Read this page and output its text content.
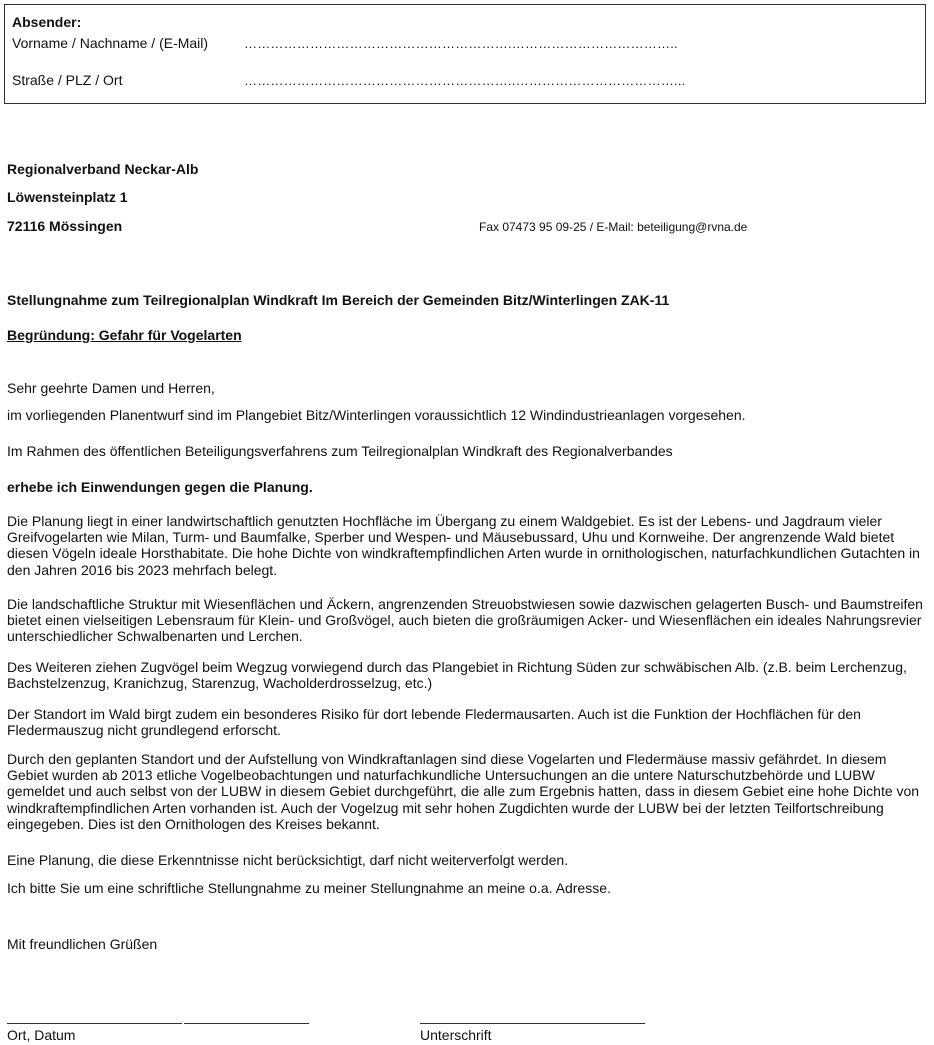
Absender:
Vorname / Nachname / (E-Mail)	…………………………………………………….………………………………..
Straße / PLZ / Ort	……………………………………………………..………………………………...
Regionalverband Neckar-Alb
Löwensteinplatz 1
72116 Mössingen	Fax 07473 95 09-25 / E-Mail: beteiligung@rvna.de
Stellungnahme zum Teilregionalplan Windkraft Im Bereich der Gemeinden Bitz/Winterlingen ZAK-11
Begründung: Gefahr für Vogelarten
Sehr geehrte Damen und Herren,
im vorliegenden Planentwurf sind im Plangebiet Bitz/Winterlingen voraussichtlich 12 Windindustrieanlagen vorgesehen.
Im Rahmen des öffentlichen Beteiligungsverfahrens zum Teilregionalplan Windkraft des Regionalverbandes
erhebe ich Einwendungen gegen die Planung.
Die Planung liegt in einer landwirtschaftlich genutzten Hochfläche im Übergang zu einem Waldgebiet. Es ist der Lebens- und Jagdraum vieler Greifvogelarten wie Milan, Turm- und Baumfalke, Sperber und Wespen- und Mäusebussard, Uhu und Kornweihe. Der angrenzende Wald bietet diesen Vögeln ideale Horsthabitate. Die hohe Dichte von windkraftempfindlichen Arten wurde in ornithologischen, naturfachkundlichen Gutachten in den Jahren 2016 bis 2023 mehrfach belegt.
Die landschaftliche Struktur mit Wiesenflächen und Äckern, angrenzenden Streuobstwiesen sowie dazwischen gelagerten Busch- und Baumstreifen bietet einen vielseitigen Lebensraum für Klein- und Großvögel, auch bieten die großräumigen Acker- und Wiesenflächen ein ideales Nahrungsrevier unterschiedlicher Schwalbenarten und Lerchen.
Des Weiteren ziehen Zugvögel beim Wegzug vorwiegend durch das Plangebiet in Richtung Süden zur schwäbischen Alb. (z.B. beim Lerchenzug, Bachstelzenzug, Kranichzug, Starenzug, Wacholderdrosselzug, etc.)
Der Standort im Wald birgt zudem ein besonderes Risiko für dort lebende Fledermausarten. Auch ist die Funktion der Hochflächen für den Fledermauszug nicht grundlegend erforscht.
Durch den geplanten Standort und der Aufstellung von Windkraftanlagen sind diese Vogelarten und Fledermäuse massiv gefährdet. In diesem Gebiet wurden ab 2013 etliche Vogelbeobachtungen und naturfachkundliche Untersuchungen an die untere Naturschutzbehörde und LUBW gemeldet und auch selbst von der LUBW in diesem Gebiet durchgeführt, die alle zum Ergebnis hatten, dass in diesem Gebiet eine hohe Dichte von windkraftempfindlichen Arten vorhanden ist. Auch der Vogelzug mit sehr hohen Zugdichten wurde der LUBW bei der letzten Teilfortschreibung eingegeben. Dies ist den Ornithologen des Kreises bekannt.
Eine Planung, die diese Erkenntnisse nicht berücksichtigt, darf nicht weiterverfolgt werden.
Ich bitte Sie um eine schriftliche Stellungnahme zu meiner Stellungnahme an meine o.a. Adresse.
Mit freundlichen Grüßen
Ort, Datum	Unterschrift
